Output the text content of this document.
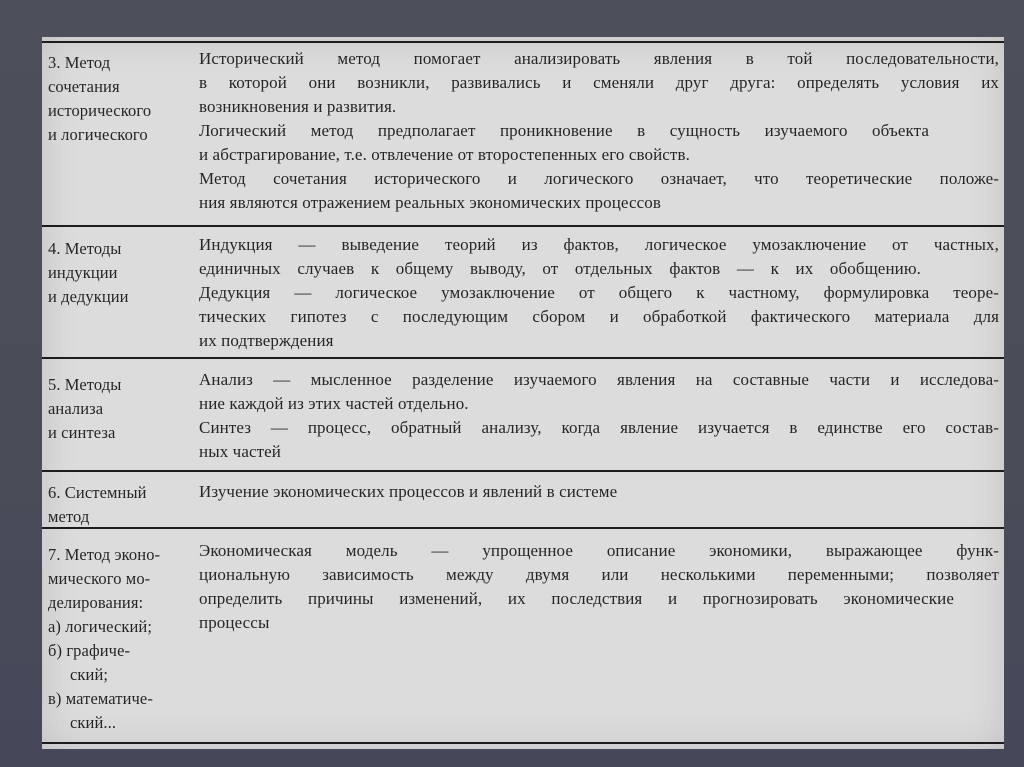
3. Метод
сочетания
исторического
и логического
Исторический метод помогает анализировать явления в той последовательности,
в которой они возникли, развивались и сменяли друг друга: определять условия их
возникновения и развития.
Логический метод предполагает проникновение в сущность изучаемого объекта
и абстрагирование, т.е. отвлечение от второстепенных его свойств.
Метод сочетания исторического и логического означает, что теоретические положе-
ния являются отражением реальных экономических процессов
4. Методы
индукции
и дедукции
Индукция — выведение теорий из фактов, логическое умозаключение от частных,
единичных случаев к общему выводу, от отдельных фактов — к их обобщению.
Дедукция — логическое умозаключение от общего к частному, формулировка теоре-
тических гипотез с последующим сбором и обработкой фактического материала для
их подтверждения
5. Методы
анализа
и синтеза
Анализ — мысленное разделение изучаемого явления на составные части и исследова-
ние каждой из этих частей отдельно.
Синтез — процесс, обратный анализу, когда явление изучается в единстве его состав-
ных частей
6. Системный
метод
Изучение экономических процессов и явлений в системе
7. Метод эконо-
мического мо-
делирования:
а) логический;
б) графиче-
ский;
в) математиче-
ский...
Экономическая модель — упрощенное описание экономики, выражающее функ-
циональную зависимость между двумя или несколькими переменными; позволяет
определить причины изменений, их последствия и прогнозировать экономические
процессы
